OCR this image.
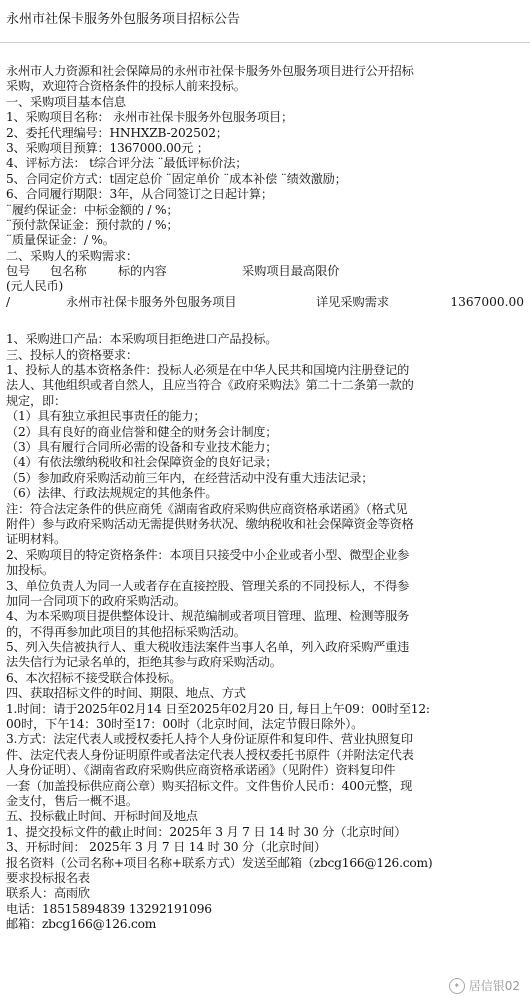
永州市社保卡服务外包服务项目招标公告
永州市人力资源和社会保障局的永州市社保卡服务外包服务项目进行公开招标
采购，欢迎符合资格条件的投标人前来投标。
一、采购项目基本信息
1、采购项目名称： 永州市社保卡服务外包服务项目；
2、委托代理编号：HNHXZB-202502；
3、采购项目预算：1367000.00元 ；
4、评标方法： t综合评分法 ¨最低评标价法；
5、合同定价方式：t固定总价 ¨固定单价 ¨成本补偿 ¨绩效激励；
6、合同履行期限：3年，从合同签订之日起计算；
¨履约保证金：中标金额的 / %；
¨预付款保证金：预付款的 / %；
¨质量保证金：/ %。
二、采购人的采购需求：
包号	包名称	标的内容	采购项目最高限价
(元人民币)
/	永州市社保卡服务外包服务项目	详见采购需求	1367000.00
1、采购进口产品：本采购项目拒绝进口产品投标。
三、投标人的资格要求：
1、投标人的基本资格条件：投标人必须是在中华人民共和国境内注册登记的
法人、其他组织或者自然人，且应当符合《政府采购法》第二十二条第一款的
规定，即：
（1）具有独立承担民事责任的能力；
（2）具有良好的商业信誉和健全的财务会计制度；
（3）具有履行合同所必需的设备和专业技术能力；
（4）有依法缴纳税收和社会保障资金的良好记录；
（5）参加政府采购活动前三年内，在经营活动中没有重大违法记录；
（6）法律、行政法规规定的其他条件。
注：符合法定条件的供应商凭《湖南省政府采购供应商资格承诺函》（格式见
附件）参与政府采购活动无需提供财务状况、缴纳税收和社会保障资金等资格
证明材料。
2、采购项目的特定资格条件：本项目只接受中小企业或者小型、微型企业参
加投标。
3、单位负责人为同一人或者存在直接控股、管理关系的不同投标人，不得参
加同一合同项下的政府采购活动。
4、为本采购项目提供整体设计、规范编制或者项目管理、监理、检测等服务
的，不得再参加此项目的其他招标采购活动。
5、列入失信被执行人、重大税收违法案件当事人名单，列入政府采购严重违
法失信行为记录名单的，拒绝其参与政府采购活动。
6、本次招标不接受联合体投标。
四、获取招标文件的时间、期限、地点、方式
1.时间：请于2025年02月14 日至2025年02月20 日, 每日上午09：00时至12:
00时，下午14：30时至17：00时（北京时间，法定节假日除外）。
3.方式：法定代表人或授权委托人持个人身份证原件和复印件、营业执照复印
件、法定代表人身份证明原件或者法定代表人授权委托书原件（并附法定代表
人身份证明）、《湖南省政府采购供应商资格承诺函》（见附件）资料复印件
一套（加盖投标供应商公章）购买招标文件。文件售价人民币：400元整，现
金支付，售后一概不退。
五、投标截止时间、开标时间及地点
1、提交投标文件的截止时间：2025年 3 月 7 日 14 时 30 分（北京时间）
3、开标时间： 2025年 3 月 7 日 14 时 30 分（北京时间）
报名资料（公司名称+项目名称+联系方式）发送至邮箱（zbcg166@126.com)
要求投标报名表
联系人：高雨欣
电话：18515894839 13292191096
邮箱：zbcg166@126.com
✦ 居信银02
